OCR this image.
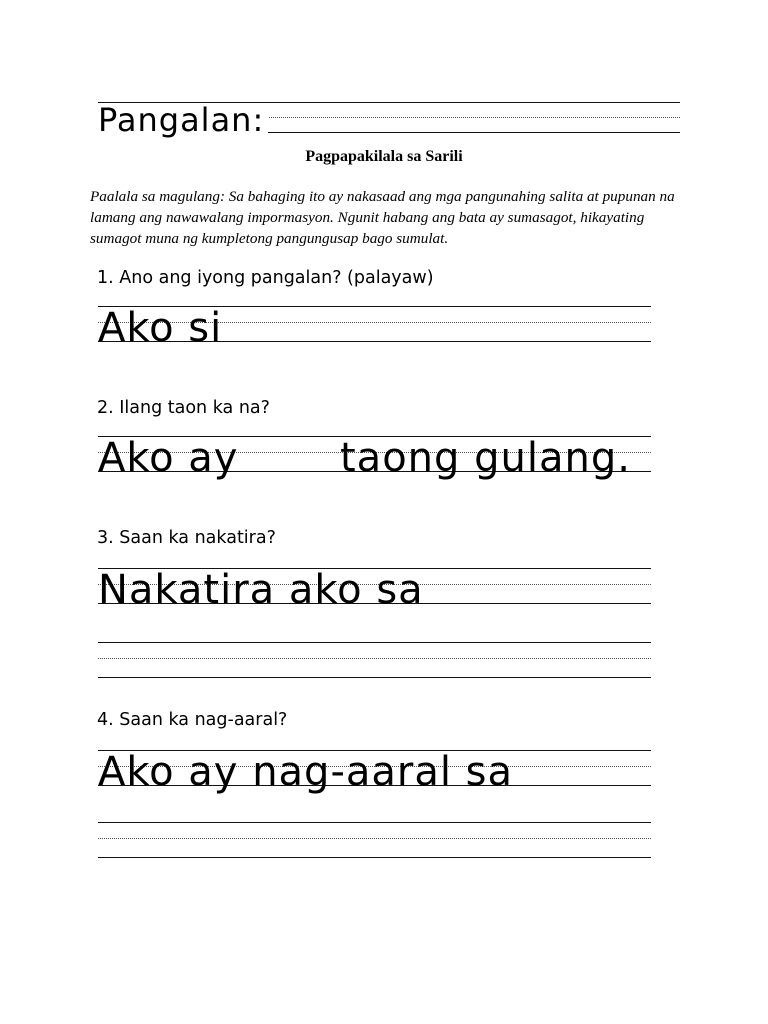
Pangalan:
Pagpapakilala sa Sarili
Paalala sa magulang: Sa bahaging ito ay nakasaad ang mga pangunahing salita at pupunan na lamang ang nawawalang impormasyon. Ngunit habang ang bata ay sumasagot, hikayating sumagot muna ng kumpletong pangungusap bago sumulat.
1. Ano ang iyong pangalan? (palayaw)
Ako si
2. Ilang taon ka na?
Ako ay	taong gulang.
3. Saan ka nakatira?
Nakatira ako sa
4. Saan ka nag-aaral?
Ako ay nag-aaral sa
